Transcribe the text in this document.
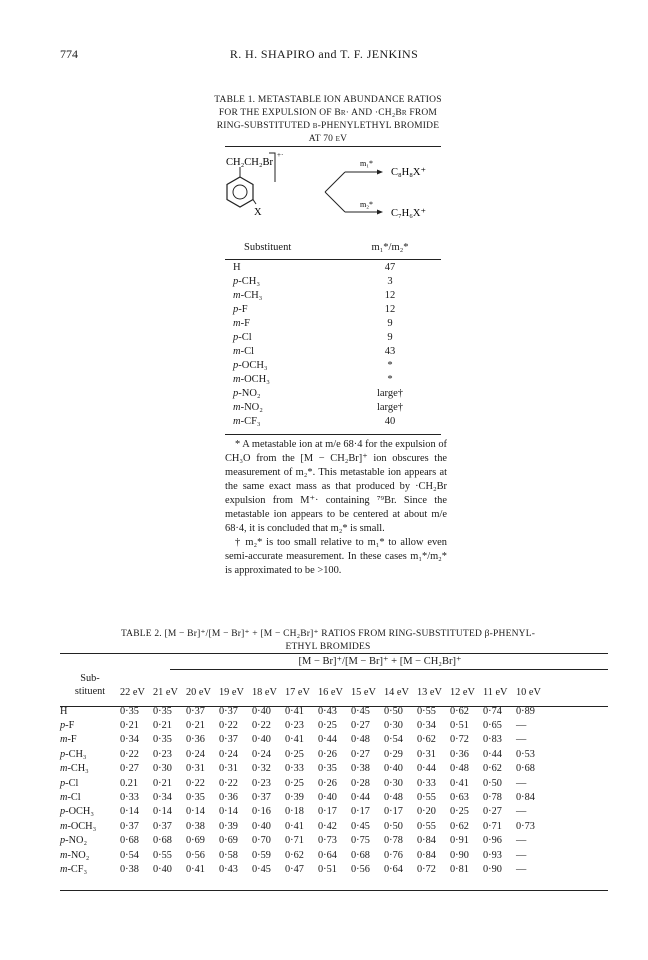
774	R. H. SHAPIRO and T. F. JENKINS
TABLE 1. METASTABLE ION ABUNDANCE RATIOS
FOR THE EXPULSION OF Br· AND ·CH₂Br FROM
RING-SUBSTITUTED β-PHENYLETHYL BROMIDE
AT 70 eV
CH₂CH₂Br
+·
X
m₁*
m₂*
C₈H₈X⁺
C₇H₆X⁺
Substituent	m₁*/m₂*
H	47
p-CH₃	3
m-CH₃	12
p-F	12
m-F	9
p-Cl	9
m-Cl	43
p-OCH₃	*
m-OCH₃	*
p-NO₂	large†
m-NO₂	large†
m-CF₃	40

* A metastable ion at m/e 68·4 for the expulsion of CH₃O from the [M − CH₂Br]⁺ ion obscures the measurement of m₂*. This metastable ion appears at the same exact mass as that produced by ·CH₂Br expulsion from M⁺· containing ⁷⁹Br. Since the metastable ion appears to be centered at about m/e 68·4, it is concluded that m₂* is small.

† m₂* is too small relative to m₁* to allow even semi-accurate measurement. In these cases m₁*/m₂* is approximated to be >100.

TABLE 2. [M − Br]⁺/[M − Br]⁺ + [M − CH₂Br]⁺ RATIOS FROM RING-SUBSTITUTED β-PHENYL-
ETHYL BROMIDES
[M − Br]⁺/[M − Br]⁺ + [M − CH₂Br]⁺
Sub-
stituent	22 eV	21 eV	20 eV	19 eV	18 eV	17 eV	16 eV	15 eV	14 eV	13 eV	12 eV	11 eV	10 eV
H	0·35	0·35	0·37	0·37	0·40	0·41	0·43	0·45	0·50	0·55	0·62	0·74	0·89
p-F	0·21	0·21	0·21	0·22	0·22	0·23	0·25	0·27	0·30	0·34	0·51	0·65	—
m-F	0·34	0·35	0·36	0·37	0·40	0·41	0·44	0·48	0·54	0·62	0·72	0·83	—
p-CH₃	0·22	0·23	0·24	0·24	0·24	0·25	0·26	0·27	0·29	0·31	0·36	0·44	0·53
m-CH₃	0·27	0·30	0·31	0·31	0·32	0·33	0·35	0·38	0·40	0·44	0·48	0·62	0·68
p-Cl	0.21	0·21	0·22	0·22	0·23	0·25	0·26	0·28	0·30	0·33	0·41	0·50	—
m-Cl	0·33	0·34	0·35	0·36	0·37	0·39	0·40	0·44	0·48	0·55	0·63	0·78	0·84
p-OCH₃	0·14	0·14	0·14	0·14	0·16	0·18	0·17	0·17	0·17	0·20	0·25	0·27	—
m-OCH₃	0·37	0·37	0·38	0·39	0·40	0·41	0·42	0·45	0·50	0·55	0·62	0·71	0·73
p-NO₂	0·68	0·68	0·69	0·69	0·70	0·71	0·73	0·75	0·78	0·84	0·91	0·96	—
m-NO₂	0·54	0·55	0·56	0·58	0·59	0·62	0·64	0·68	0·76	0·84	0·90	0·93	—
m-CF₃	0·38	0·40	0·41	0·43	0·45	0·47	0·51	0·56	0·64	0·72	0·81	0·90	—
